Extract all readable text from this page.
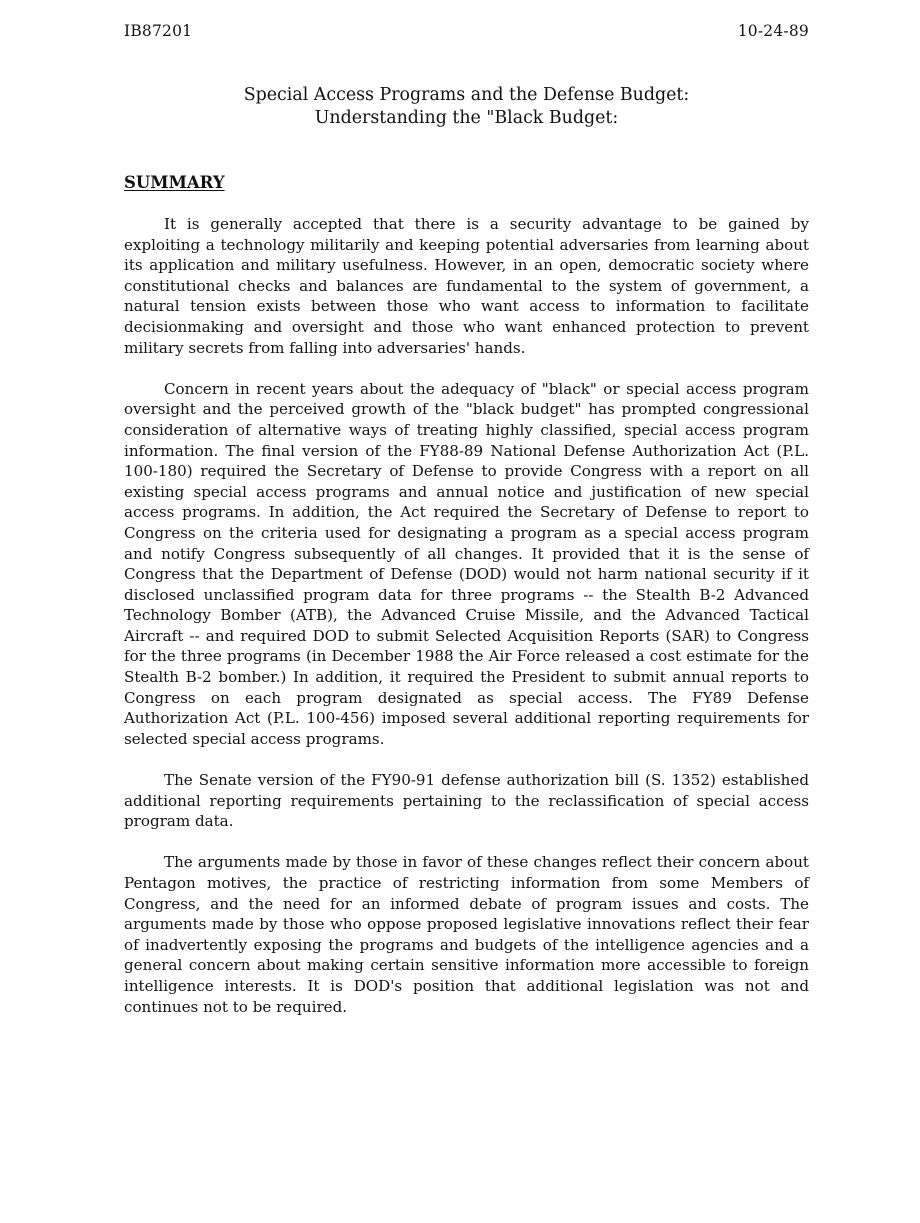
IB87201	10-24-89
Special Access Programs and the Defense Budget:
Understanding the "Black Budget:
SUMMARY

It is generally accepted that there is a security advantage to be gained by exploiting a technology militarily and keeping potential adversaries from learning about its application and military usefulness. However, in an open, democratic society where constitutional checks and balances are fundamental to the system of government, a natural tension exists between those who want access to information to facilitate decisionmaking and oversight and those who want enhanced protection to prevent military secrets from falling into adversaries' hands.

Concern in recent years about the adequacy of "black" or special access program oversight and the perceived growth of the "black budget" has prompted congressional consideration of alternative ways of treating highly classified, special access program information. The final version of the FY88-89 National Defense Authorization Act (P.L. 100-180) required the Secretary of Defense to provide Congress with a report on all existing special access programs and annual notice and justification of new special access programs. In addition, the Act required the Secretary of Defense to report to Congress on the criteria used for designating a program as a special access program and notify Congress subsequently of all changes. It provided that it is the sense of Congress that the Department of Defense (DOD) would not harm national security if it disclosed unclassified program data for three programs -- the Stealth B-2 Advanced Technology Bomber (ATB), the Advanced Cruise Missile, and the Advanced Tactical Aircraft -- and required DOD to submit Selected Acquisition Reports (SAR) to Congress for the three programs (in December 1988 the Air Force released a cost estimate for the Stealth B-2 bomber.) In addition, it required the President to submit annual reports to Congress on each program designated as special access. The FY89 Defense Authorization Act (P.L. 100-456) imposed several additional reporting requirements for selected special access programs.

The Senate version of the FY90-91 defense authorization bill (S. 1352) established additional reporting requirements pertaining to the reclassification of special access program data.

The arguments made by those in favor of these changes reflect their concern about Pentagon motives, the practice of restricting information from some Members of Congress, and the need for an informed debate of program issues and costs. The arguments made by those who oppose proposed legislative innovations reflect their fear of inadvertently exposing the programs and budgets of the intelligence agencies and a general concern about making certain sensitive information more accessible to foreign intelligence interests. It is DOD's position that additional legislation was not and continues not to be required.
